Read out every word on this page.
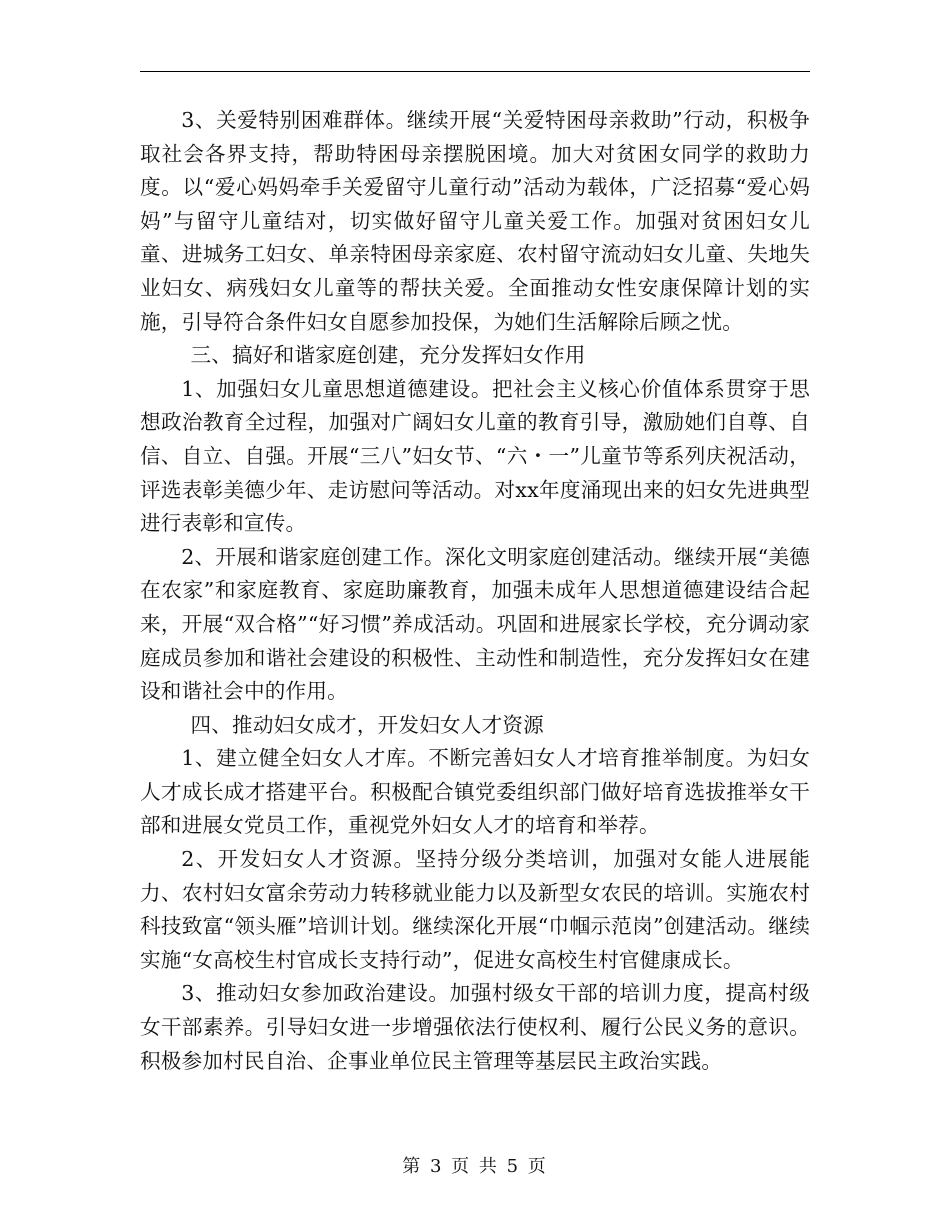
3、关爱特别困难群体。继续开展“关爱特困母亲救助”行动，积极争取社会各界支持，帮助特困母亲摆脱困境。加大对贫困女同学的救助力度。以“爱心妈妈牵手关爱留守儿童行动”活动为载体，广泛招募“爱心妈妈”与留守儿童结对，切实做好留守儿童关爱工作。加强对贫困妇女儿童、进城务工妇女、单亲特困母亲家庭、农村留守流动妇女儿童、失地失业妇女、病残妇女儿童等的帮扶关爱。全面推动女性安康保障计划的实施，引导符合条件妇女自愿参加投保，为她们生活解除后顾之忧。

三、搞好和谐家庭创建，充分发挥妇女作用

1、加强妇女儿童思想道德建设。把社会主义核心价值体系贯穿于思想政治教育全过程，加强对广阔妇女儿童的教育引导，激励她们自尊、自信、自立、自强。开展“三八”妇女节、“六・一”儿童节等系列庆祝活动，评选表彰美德少年、走访慰问等活动。对xx年度涌现出来的妇女先进典型进行表彰和宣传。

2、开展和谐家庭创建工作。深化文明家庭创建活动。继续开展“美德在农家”和家庭教育、家庭助廉教育，加强未成年人思想道德建设结合起来，开展“双合格”“好习惯”养成活动。巩固和进展家长学校，充分调动家庭成员参加和谐社会建设的积极性、主动性和制造性，充分发挥妇女在建设和谐社会中的作用。

四、推动妇女成才，开发妇女人才资源

1、建立健全妇女人才库。不断完善妇女人才培育推举制度。为妇女人才成长成才搭建平台。积极配合镇党委组织部门做好培育选拔推举女干部和进展女党员工作，重视党外妇女人才的培育和举荐。

2、开发妇女人才资源。坚持分级分类培训，加强对女能人进展能力、农村妇女富余劳动力转移就业能力以及新型女农民的培训。实施农村科技致富“领头雁”培训计划。继续深化开展“巾帼示范岗”创建活动。继续实施“女高校生村官成长支持行动”，促进女高校生村官健康成长。

3、推动妇女参加政治建设。加强村级女干部的培训力度，提高村级女干部素养。引导妇女进一步增强依法行使权利、履行公民义务的意识。积极参加村民自治、企事业单位民主管理等基层民主政治实践。

第 3 页 共 5 页
